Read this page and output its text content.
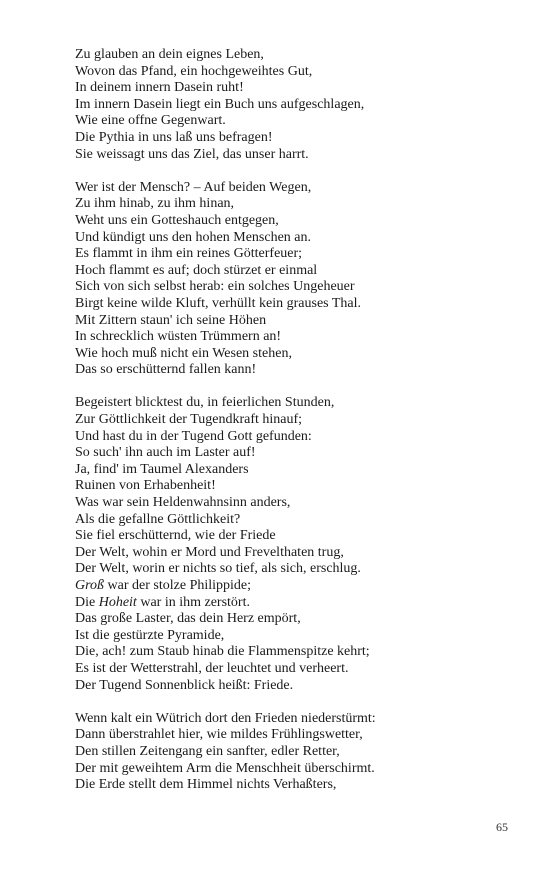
Zu glauben an dein eignes Leben,
Wovon das Pfand, ein hochgeweihtes Gut,
In deinem innern Dasein ruht!
Im innern Dasein liegt ein Buch uns aufgeschlagen,
Wie eine offne Gegenwart.
Die Pythia in uns laß uns befragen!
Sie weissagt uns das Ziel, das unser harrt.
Wer ist der Mensch? – Auf beiden Wegen,
Zu ihm hinab, zu ihm hinan,
Weht uns ein Gotteshauch entgegen,
Und kündigt uns den hohen Menschen an.
Es flammt in ihm ein reines Götterfeuer;
Hoch flammt es auf; doch stürzet er einmal
Sich von sich selbst herab: ein solches Ungeheuer
Birgt keine wilde Kluft, verhüllt kein grauses Thal.
Mit Zittern staun' ich seine Höhen
In schrecklich wüsten Trümmern an!
Wie hoch muß nicht ein Wesen stehen,
Das so erschütternd fallen kann!
Begeistert blicktest du, in feierlichen Stunden,
Zur Göttlichkeit der Tugendkraft hinauf;
Und hast du in der Tugend Gott gefunden:
So such' ihn auch im Laster auf!
Ja, find' im Taumel Alexanders
Ruinen von Erhabenheit!
Was war sein Heldenwahnsinn anders,
Als die gefallne Göttlichkeit?
Sie fiel erschütternd, wie der Friede
Der Welt, wohin er Mord und Frevelthaten trug,
Der Welt, worin er nichts so tief, als sich, erschlug.
Groß war der stolze Philippide;
Die Hoheit war in ihm zerstört.
Das große Laster, das dein Herz empört,
Ist die gestürzte Pyramide,
Die, ach! zum Staub hinab die Flammenspitze kehrt;
Es ist der Wetterstrahl, der leuchtet und verheert.
Der Tugend Sonnenblick heißt: Friede.
Wenn kalt ein Wütrich dort den Frieden niederstürmt:
Dann überstrahlet hier, wie mildes Frühlingswetter,
Den stillen Zeitengang ein sanfter, edler Retter,
Der mit geweihtem Arm die Menschheit überschirmt.
Die Erde stellt dem Himmel nichts Verhaßters,
65
